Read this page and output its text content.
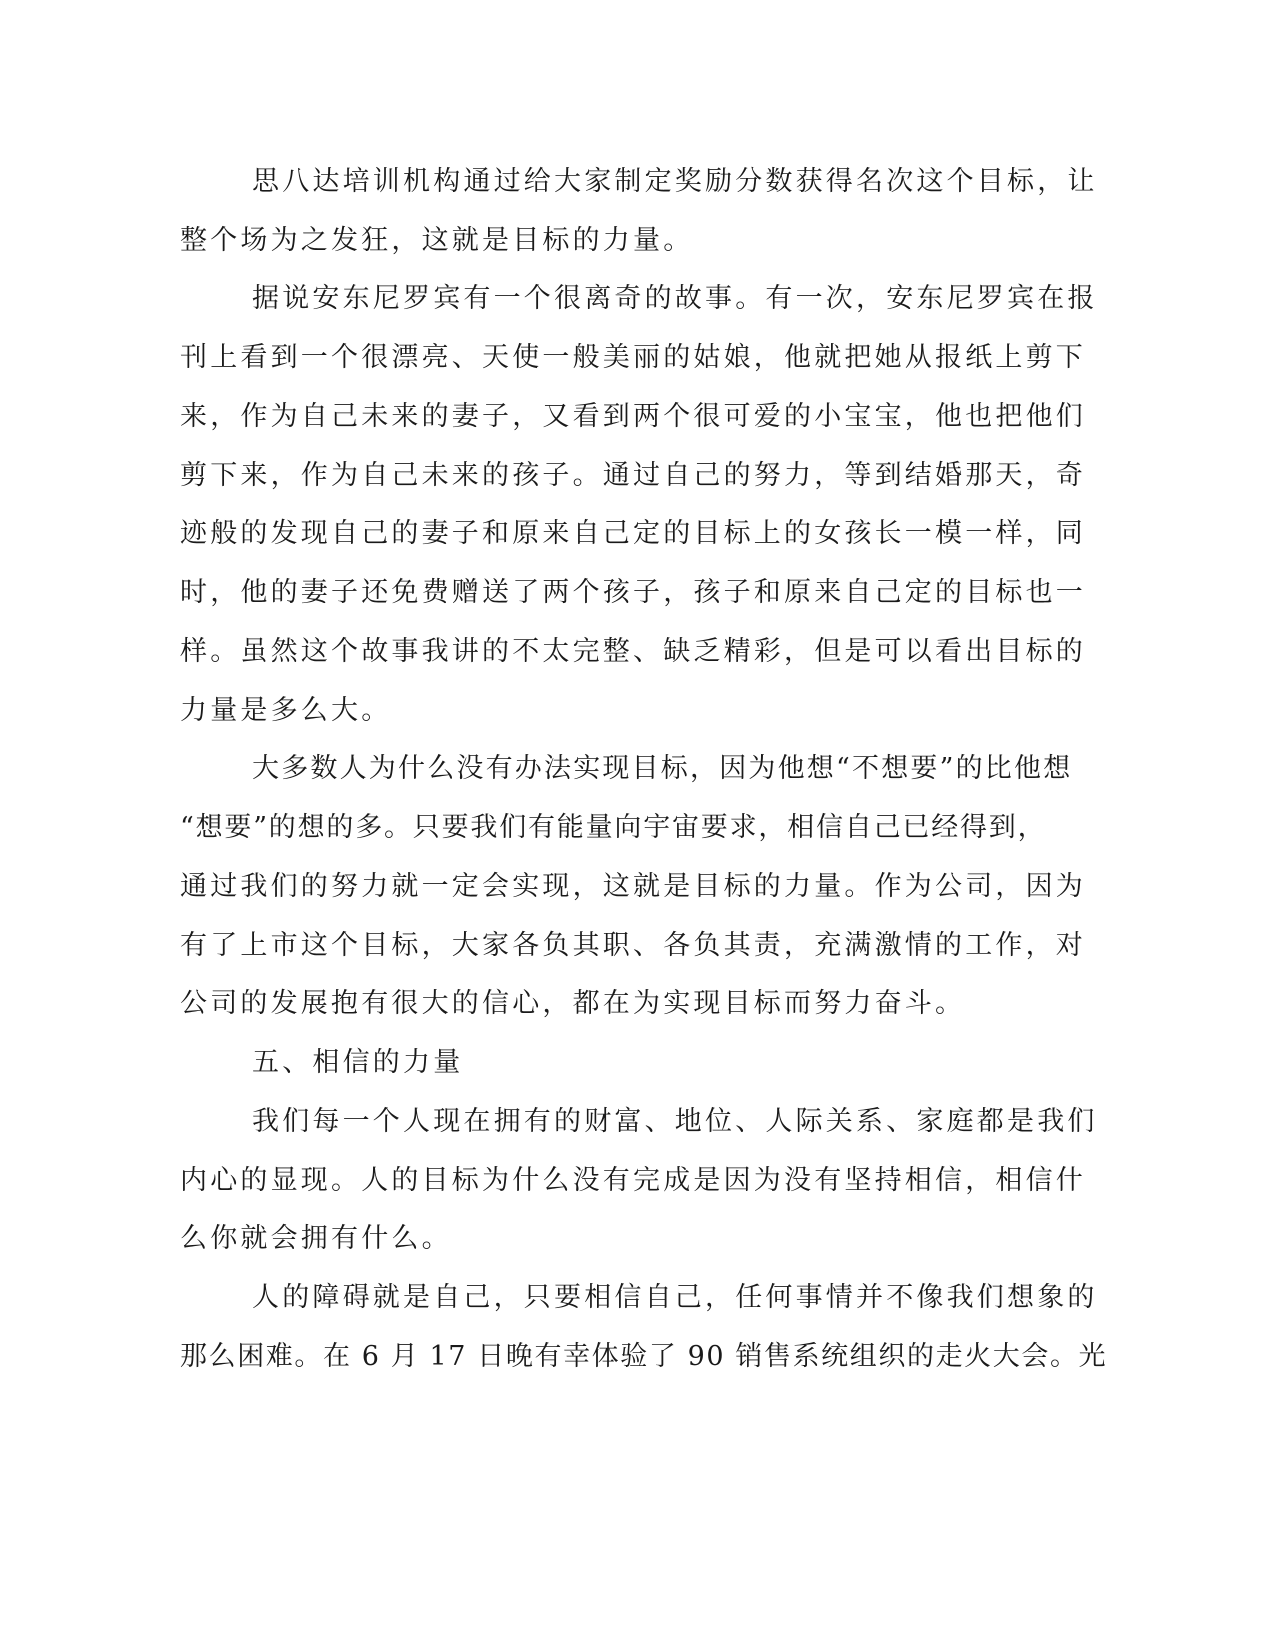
思八达培训机构通过给大家制定奖励分数获得名次这个目标，让
整个场为之发狂，这就是目标的力量。
据说安东尼罗宾有一个很离奇的故事。有一次，安东尼罗宾在报
刊上看到一个很漂亮、天使一般美丽的姑娘，他就把她从报纸上剪下
来，作为自己未来的妻子，又看到两个很可爱的小宝宝，他也把他们
剪下来，作为自己未来的孩子。通过自己的努力，等到结婚那天，奇
迹般的发现自己的妻子和原来自己定的目标上的女孩长一模一样，同
时，他的妻子还免费赠送了两个孩子，孩子和原来自己定的目标也一
样。虽然这个故事我讲的不太完整、缺乏精彩，但是可以看出目标的
力量是多么大。
大多数人为什么没有办法实现目标，因为他想“不想要”的比他想
“想要”的想的多。只要我们有能量向宇宙要求，相信自己已经得到，
通过我们的努力就一定会实现，这就是目标的力量。作为公司，因为
有了上市这个目标，大家各负其职、各负其责，充满激情的工作，对
公司的发展抱有很大的信心，都在为实现目标而努力奋斗。
五、相信的力量
我们每一个人现在拥有的财富、地位、人际关系、家庭都是我们
内心的显现。人的目标为什么没有完成是因为没有坚持相信，相信什
么你就会拥有什么。
人的障碍就是自己，只要相信自己，任何事情并不像我们想象的
那么困难。在 6 月 17 日晚有幸体验了 90 销售系统组织的走火大会。光
